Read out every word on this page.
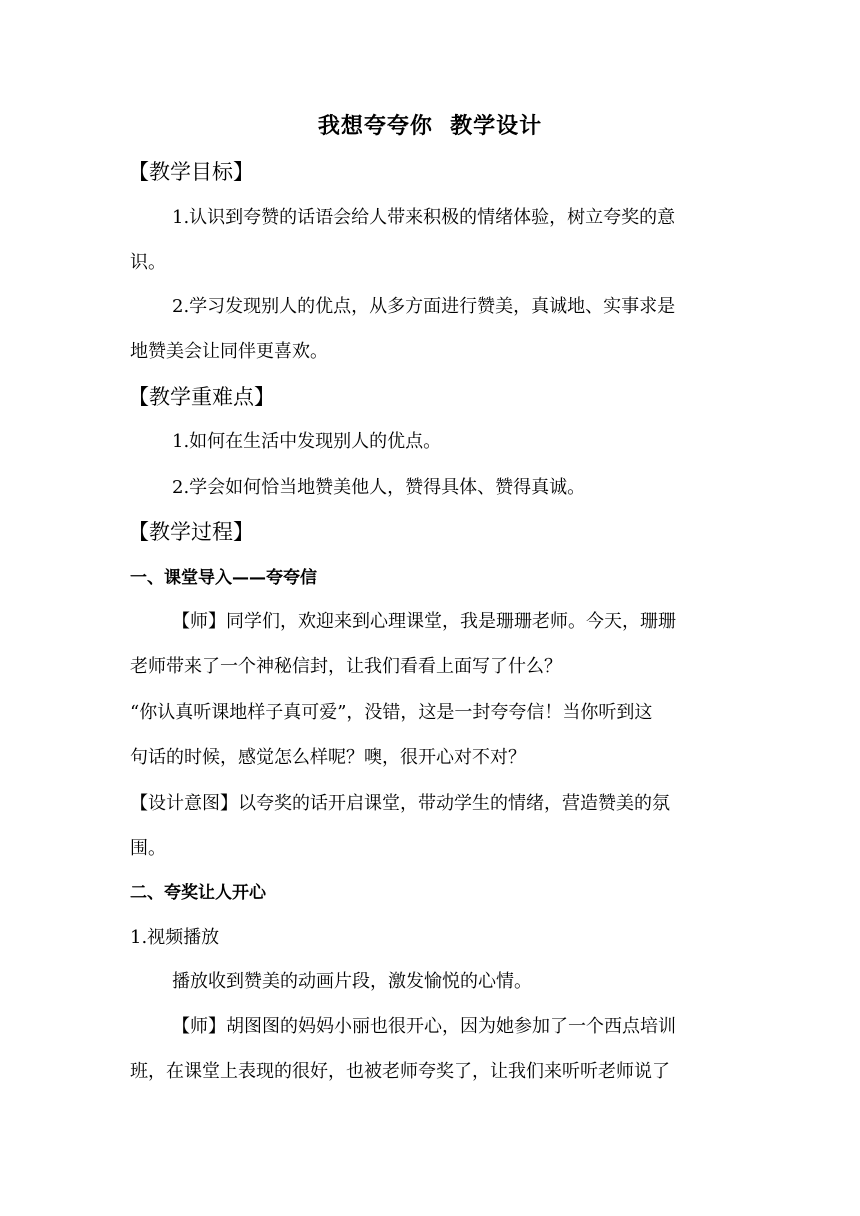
我想夸夸你  教学设计
【教学目标】
1.认识到夸赞的话语会给人带来积极的情绪体验，树立夸奖的意
识。
2.学习发现别人的优点，从多方面进行赞美，真诚地、实事求是
地赞美会让同伴更喜欢。
【教学重难点】
1.如何在生活中发现别人的优点。
2.学会如何恰当地赞美他人，赞得具体、赞得真诚。
【教学过程】
一、课堂导入——夸夸信
【师】同学们，欢迎来到心理课堂，我是珊珊老师。今天，珊珊
老师带来了一个神秘信封，让我们看看上面写了什么？
“你认真听课地样子真可爱”，没错，这是一封夸夸信！当你听到这
句话的时候，感觉怎么样呢？噢，很开心对不对？
【设计意图】以夸奖的话开启课堂，带动学生的情绪，营造赞美的氛
围。
二、夸奖让人开心
1.视频播放
播放收到赞美的动画片段，激发愉悦的心情。
【师】胡图图的妈妈小丽也很开心，因为她参加了一个西点培训
班，在课堂上表现的很好，也被老师夸奖了，让我们来听听老师说了
